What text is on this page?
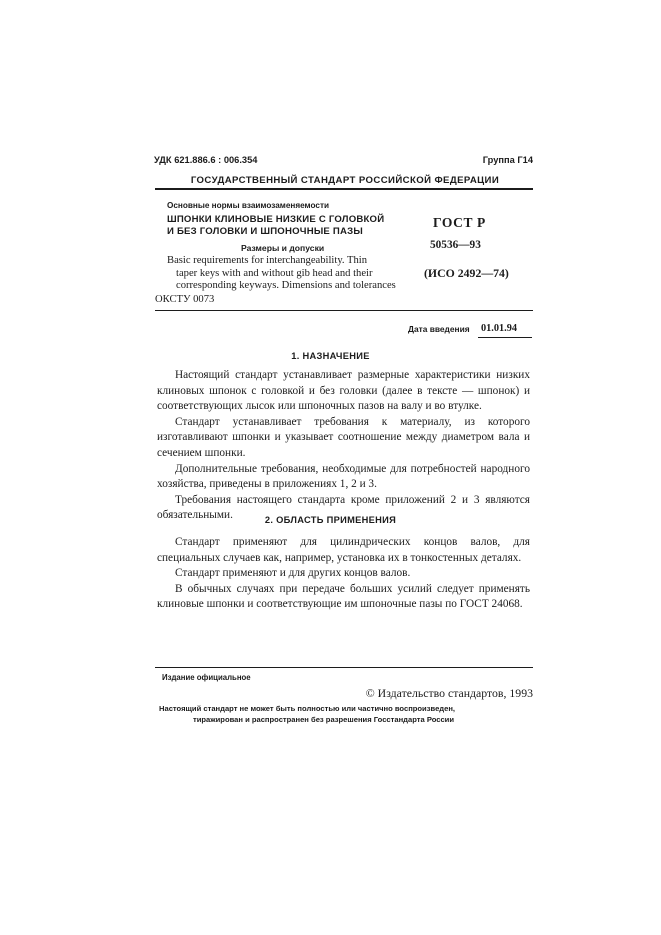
УДК 621.886.6 : 006.354	Группа Г14
ГОСУДАРСТВЕННЫЙ СТАНДАРТ РОССИЙСКОЙ ФЕДЕРАЦИИ
Основные нормы взаимозаменяемости
ШПОНКИ КЛИНОВЫЕ НИЗКИЕ С ГОЛОВКОЙ
И БЕЗ ГОЛОВКИ И ШПОНОЧНЫЕ ПАЗЫ
Размеры и допуски
Basic requirements for interchangeability. Thin
taper keys with and without gib head and their
corresponding keyways. Dimensions and tolerances
ОКСТУ 0073
ГОСТ Р
50536—93
(ИСО 2492—74)
Дата введения 01.01.94
1. НАЗНАЧЕНИЕ

Настоящий стандарт устанавливает размерные характеристики низких клиновых шпонок с головкой и без головки (далее в тексте — шпонок) и соответствующих лысок или шпоночных пазов на валу и во втулке.

Стандарт устанавливает требования к материалу, из которого изготавливают шпонки и указывает соотношение между диаметром вала и сечением шпонки.

Дополнительные требования, необходимые для потребностей народного хозяйства, приведены в приложениях 1, 2 и 3.

Требования настоящего стандарта кроме приложений 2 и 3 являются обязательными.	2. ОБЛАСТЬ ПРИМЕНЕНИЯ

Стандарт применяют для цилиндрических концов валов, для специальных случаев как, например, установка их в тонкостенных деталях.

Стандарт применяют и для других концов валов.

В обычных случаях при передаче больших усилий следует применять клиновые шпонки и соответствующие им шпоночные пазы по ГОСТ 24068.

Издание официальное
© Издательство стандартов, 1993
Настоящий стандарт не может быть полностью или частично воспроизведен,
тиражирован и распространен без разрешения Госстандарта России
